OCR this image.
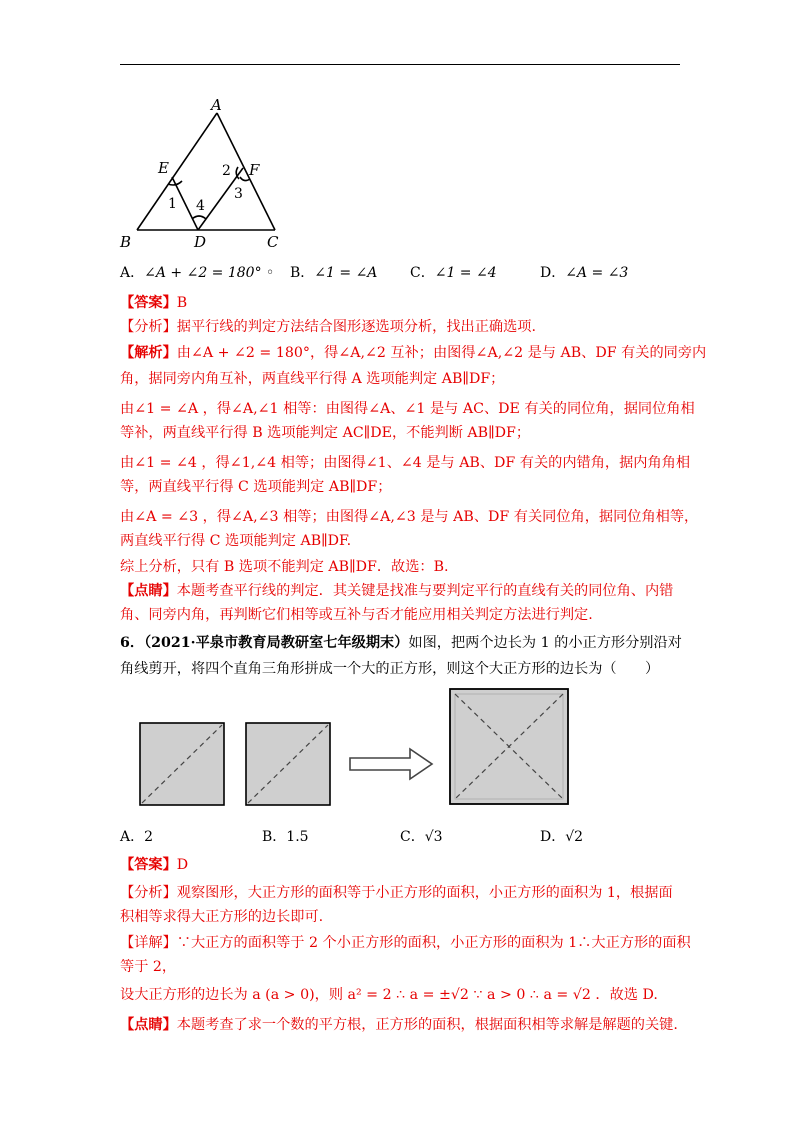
A
E	F
B	D	C
1
2
3
4
A．∠A + ∠2 = 180° ◦ B．∠1 = ∠A C．∠1 = ∠4	D．∠A = ∠3
【答案】B
【分析】据平行线的判定方法结合图形逐选项分析，找出正确选项.
【解析】由∠A + ∠2 = 180°，得∠A,∠2 互补；由图得∠A,∠2 是与 AB、DF 有关的同旁内
角，据同旁内角互补，两直线平行得 A 选项能判定 AB∥DF；
由∠1 = ∠A ，得∠A,∠1 相等：由图得∠A、∠1 是与 AC、DE 有关的同位角，据同位角相
等补，两直线平行得 B 选项能判定 AC∥DE，不能判断 AB∥DF；
由∠1 = ∠4 ，得∠1,∠4 相等；由图得∠1、∠4 是与 AB、DF 有关的内错角，据内角角相
等，两直线平行得 C 选项能判定 AB∥DF；
由∠A = ∠3 ，得∠A,∠3 相等；由图得∠A,∠3 是与 AB、DF 有关同位角，据同位角相等，
两直线平行得 C 选项能判定 AB∥DF.
综上分析，只有 B 选项不能判定 AB∥DF．故选：B.
【点睛】本题考查平行线的判定．其关键是找准与要判定平行的直线有关的同位角、内错
角、同旁内角，再判断它们相等或互补与否才能应用相关判定方法进行判定.
6．（2021·平泉市教育局教研室七年级期末）如图，把两个边长为 1 的小正方形分别沿对
角线剪开，将四个直角三角形拼成一个大的正方形，则这个大正方形的边长为（　　）
A．2	B．1.5	C．√3	D．√2
【答案】D
【分析】观察图形，大正方形的面积等于小正方形的面积，小正方形的面积为 1，根据面
积相等求得大正方形的边长即可.
【详解】∵大正方的面积等于 2 个小正方形的面积，小正方形的面积为 1∴大正方形的面积
等于 2，
设大正方形的边长为 a (a > 0)，则 a² = 2 ∴ a = ±√2 ∵ a > 0 ∴ a = √2 ．故选 D.
【点睛】本题考查了求一个数的平方根，正方形的面积，根据面积相等求解是解题的关键.
